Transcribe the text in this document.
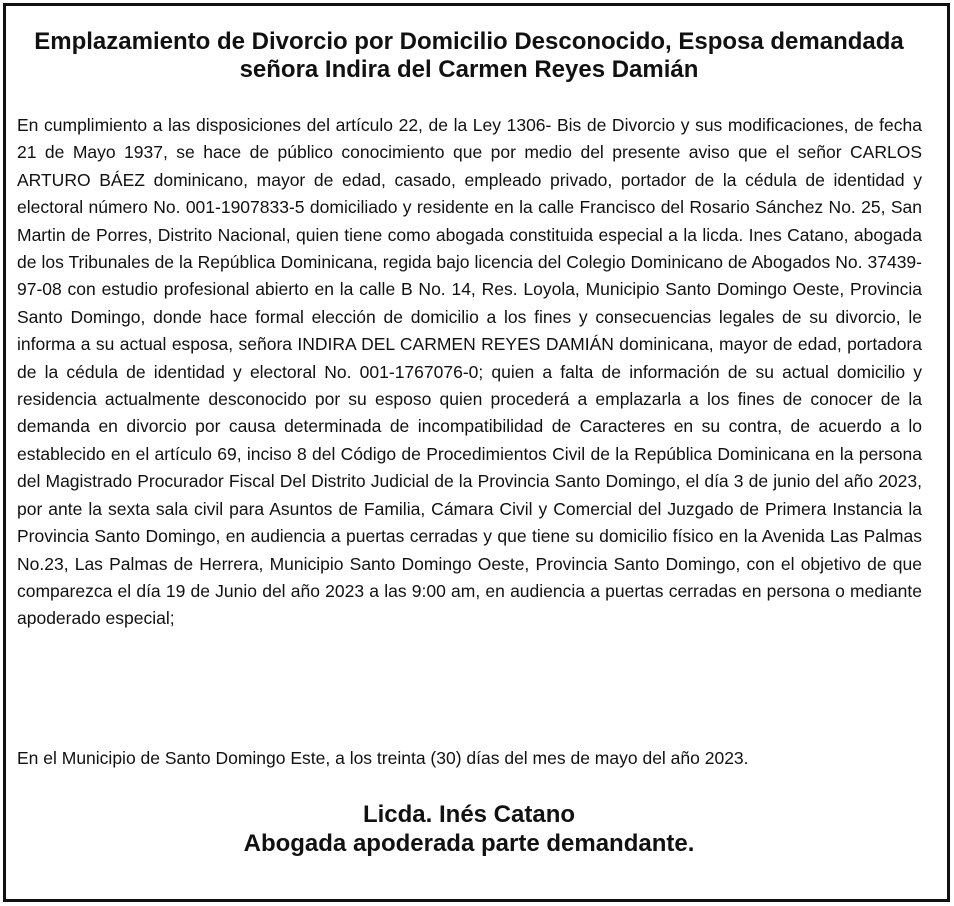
Emplazamiento de Divorcio por Domicilio Desconocido, Esposa demandada señora Indira del Carmen Reyes Damián

En cumplimiento a las disposiciones del artículo 22, de la Ley 1306- Bis de Divorcio y sus modificaciones, de fecha 21 de Mayo 1937, se hace de público conocimiento que por medio del presente aviso que el señor CARLOS ARTURO BÁEZ dominicano, mayor de edad, casado, empleado privado, portador de la cédula de identidad y electoral número No. 001-1907833-5 domiciliado y residente en la calle Francisco del Rosario Sánchez No. 25, San Martin de Porres, Distrito Nacional, quien tiene como abogada constituida especial a la licda. Ines Catano, abogada de los Tribunales de la República Dominicana, regida bajo licencia del Colegio Dominicano de Abogados No. 37439-97-08 con estudio profesional abierto en la calle B No. 14, Res. Loyola, Municipio Santo Domingo Oeste, Provincia Santo Domingo, donde hace formal elección de domicilio a los fines y consecuencias legales de su divorcio, le informa a su actual esposa, señora INDIRA DEL CARMEN REYES DAMIÁN dominicana, mayor de edad, portadora de la cédula de identidad y electoral No. 001-1767076-0; quien a falta de información de su actual domicilio y residencia actualmente desconocido por su esposo quien procederá a emplazarla a los fines de conocer de la demanda en divorcio por causa determinada de incompatibilidad de Caracteres en su contra, de acuerdo a lo establecido en el artículo 69, inciso 8 del Código de Procedimientos Civil de la República Dominicana en la persona del Magistrado Procurador Fiscal Del Distrito Judicial de la Provincia Santo Domingo, el día 3 de junio del año 2023, por ante la sexta sala civil para Asuntos de Familia, Cámara Civil y Comercial del Juzgado de Primera Instancia la Provincia Santo Domingo, en audiencia a puertas cerradas y que tiene su domicilio físico en la Avenida Las Palmas No.23, Las Palmas de Herrera, Municipio Santo Domingo Oeste, Provincia Santo Domingo, con el objetivo de que comparezca el día 19 de Junio del año 2023 a las 9:00 am, en audiencia a puertas cerradas en persona o mediante apoderado especial;

En el Municipio de Santo Domingo Este, a los treinta (30) días del mes de mayo del año 2023.

Licda. Inés Catano
Abogada apoderada parte demandante.
